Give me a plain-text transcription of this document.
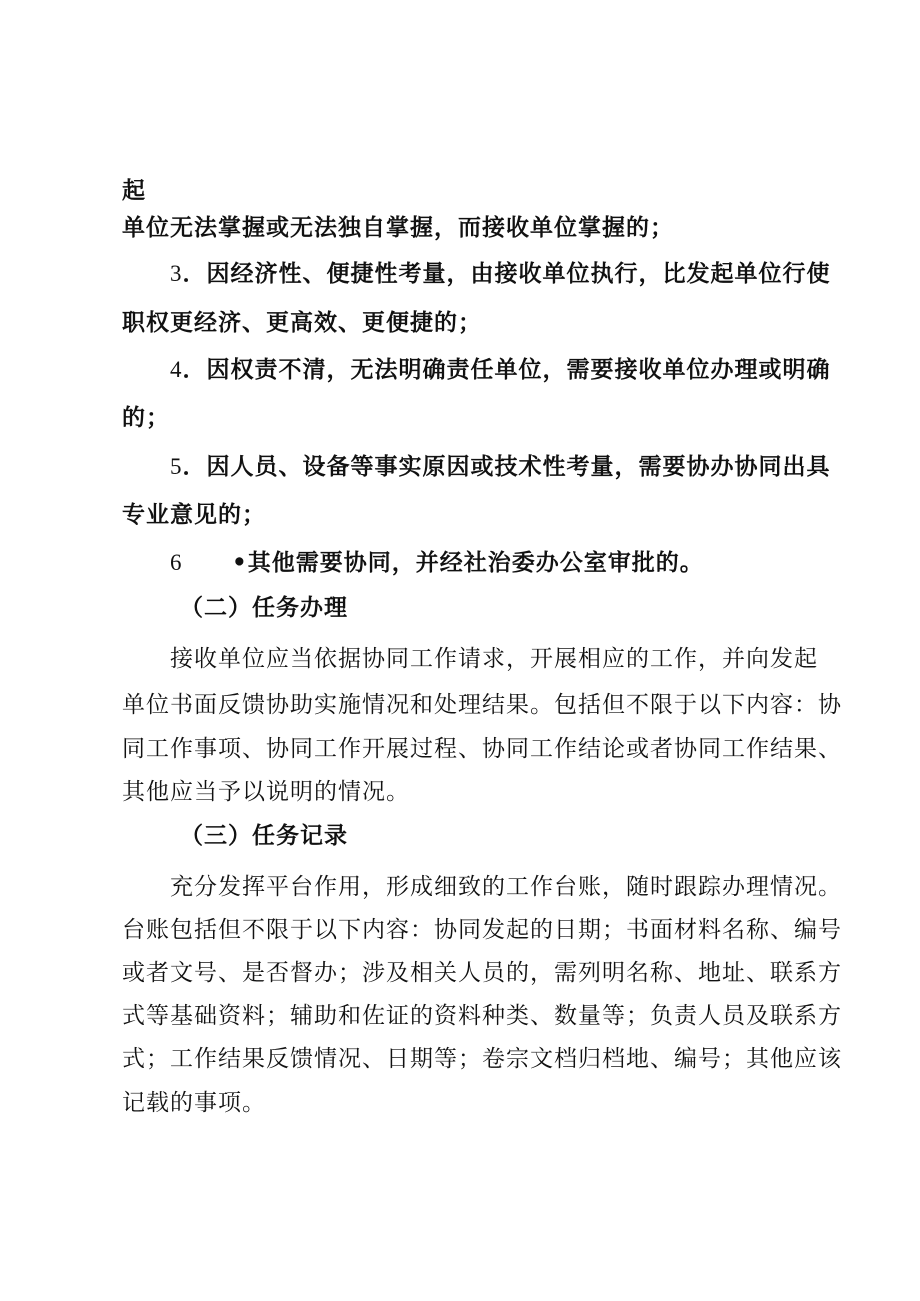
起
单位无法掌握或无法独自掌握，而接收单位掌握的；
3．因经济性、便捷性考量，由接收单位执行，比发起单位行使
职权更经济、更高效、更便捷的；
4．因权责不清，无法明确责任单位，需要接收单位办理或明确
的；
5．因人员、设备等事实原因或技术性考量，需要协办协同出具
专业意见的；
6 •其他需要协同，并经社治委办公室审批的。
（二）任务办理
接收单位应当依据协同工作请求，开展相应的工作，并向发起
单位书面反馈协助实施情况和处理结果。包括但不限于以下内容：协
同工作事项、协同工作开展过程、协同工作结论或者协同工作结果、
其他应当予以说明的情况。
（三）任务记录
充分发挥平台作用，形成细致的工作台账，随时跟踪办理情况。
台账包括但不限于以下内容：协同发起的日期；书面材料名称、编号
或者文号、是否督办；涉及相关人员的，需列明名称、地址、联系方
式等基础资料；辅助和佐证的资料种类、数量等；负责人员及联系方
式；工作结果反馈情况、日期等；卷宗文档归档地、编号；其他应该
记载的事项。
